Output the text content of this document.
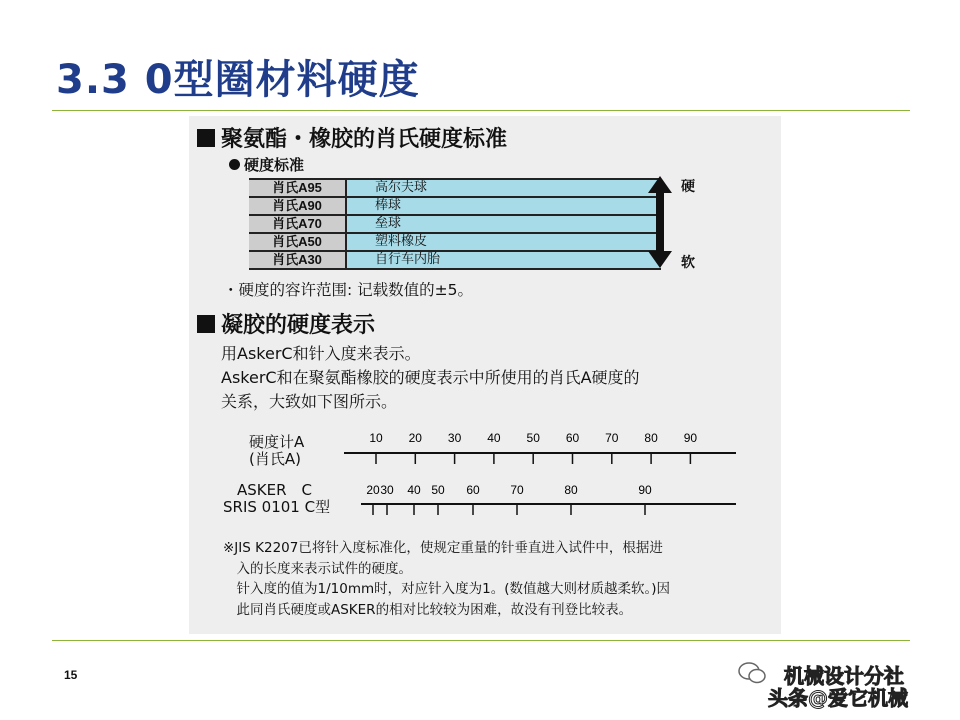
3.3 0型圈材料硬度
聚氨酯・橡胶的肖氏硬度标准
硬度标准
肖氏A95	高尔夫球
肖氏A90	棒球
肖氏A70	垒球
肖氏A50	塑料橡皮
肖氏A30	自行车内胎
硬
软
・硬度的容许范围: 记载数值的±5。
凝胶的硬度表示
用AskerC和针入度来表示。
AskerC和在聚氨酯橡胶的硬度表示中所使用的肖氏A硬度的
关系，大致如下图所示。
硬度计A
(肖氏A)
ASKER　C
SRIS 0101 C型
10 20 30 40 50 60 70 80 90
20 30 40 50 60	70	80	90
※JIS K2207已将针入度标准化，使规定重量的针垂直进入试件中，根据进
　入的长度来表示试件的硬度。
　针入度的值为1/10mm时，对应针入度为1。(数值越大则材质越柔软。)因
　此同肖氏硬度或ASKER的相对比较较为困难，故没有刊登比较表。
15	机械设计分社
头条@爱它机械
